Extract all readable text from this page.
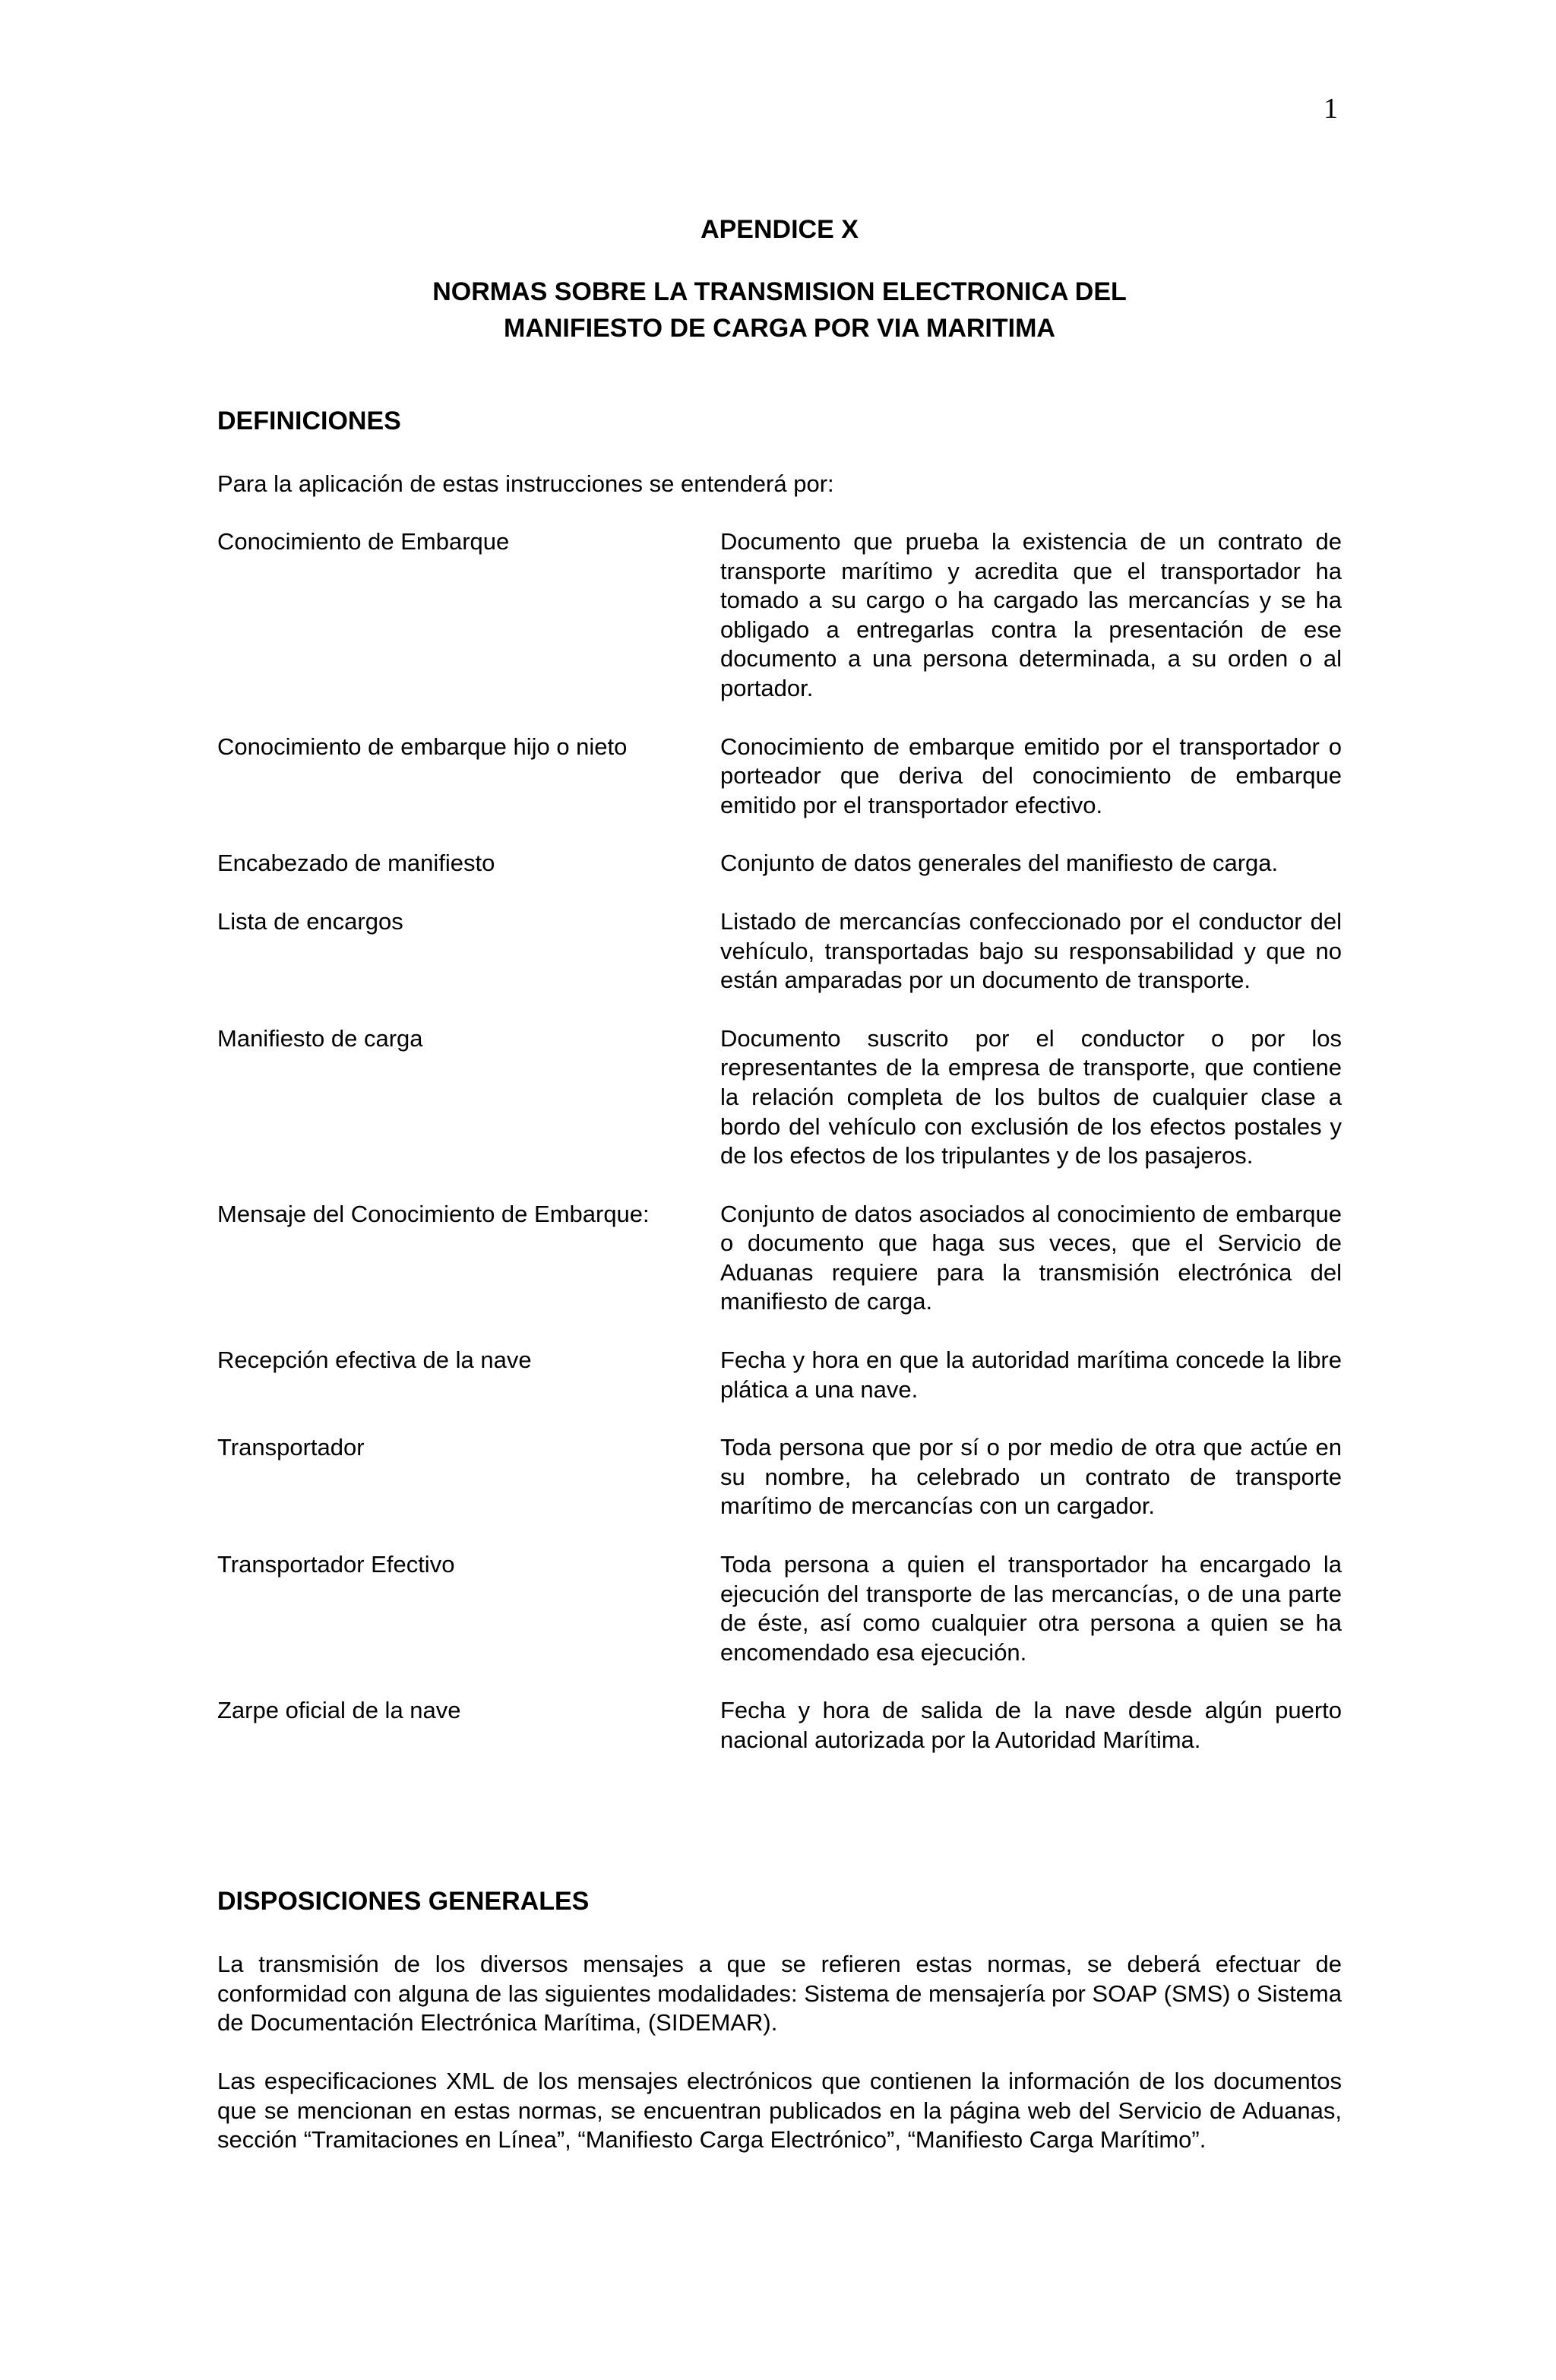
1
APENDICE X
NORMAS SOBRE LA TRANSMISION ELECTRONICA DEL
MANIFIESTO DE CARGA POR VIA MARITIMA
DEFINICIONES

Para la aplicación de estas instrucciones se entenderá por:

Conocimiento de Embarque	Documento que prueba la existencia de un contrato de transporte marítimo y acredita que el transportador ha tomado a su cargo o ha cargado las mercancías y se ha obligado a entregarlas contra la presentación de ese documento a una persona determinada, a su orden o al portador.
Conocimiento de embarque hijo o nieto	Conocimiento de embarque emitido por el transportador o porteador que deriva del conocimiento de embarque emitido por el transportador efectivo.
Encabezado de manifiesto	Conjunto de datos generales del manifiesto de carga.
Lista de encargos	Listado de mercancías confeccionado por el conductor del vehículo, transportadas bajo su responsabilidad y que no están amparadas por un documento de transporte.
Manifiesto de carga	Documento suscrito por el conductor o por los representantes de la empresa de transporte, que contiene la relación completa de los bultos de cualquier clase a bordo del vehículo con exclusión de los efectos postales y de los efectos de los tripulantes y de los pasajeros.
Mensaje del Conocimiento de Embarque:	Conjunto de datos asociados al conocimiento de embarque o documento que haga sus veces, que el Servicio de Aduanas requiere para la transmisión electrónica del manifiesto de carga.
Recepción efectiva de la nave	Fecha y hora en que la autoridad marítima concede la libre plática a una nave.
Transportador	Toda persona que por sí o por medio de otra que actúe en su nombre, ha celebrado un contrato de transporte marítimo de mercancías con un cargador.
Transportador Efectivo	Toda persona a quien el transportador ha encargado la ejecución del transporte de las mercancías, o de una parte de éste, así como cualquier otra persona a quien se ha encomendado esa ejecución.
Zarpe oficial de la nave	Fecha y hora de salida de la nave desde algún puerto nacional autorizada por la Autoridad Marítima.
DISPOSICIONES GENERALES

La transmisión de los diversos mensajes a que se refieren estas normas, se deberá efectuar de conformidad con alguna de las siguientes modalidades: Sistema de mensajería por SOAP (SMS) o Sistema de Documentación Electrónica Marítima, (SIDEMAR).

Las especificaciones XML de los mensajes electrónicos que contienen la información de los documentos que se mencionan en estas normas, se encuentran publicados en la página web del Servicio de Aduanas, sección “Tramitaciones en Línea”, “Manifiesto Carga Electrónico”, “Manifiesto Carga Marítimo”.
